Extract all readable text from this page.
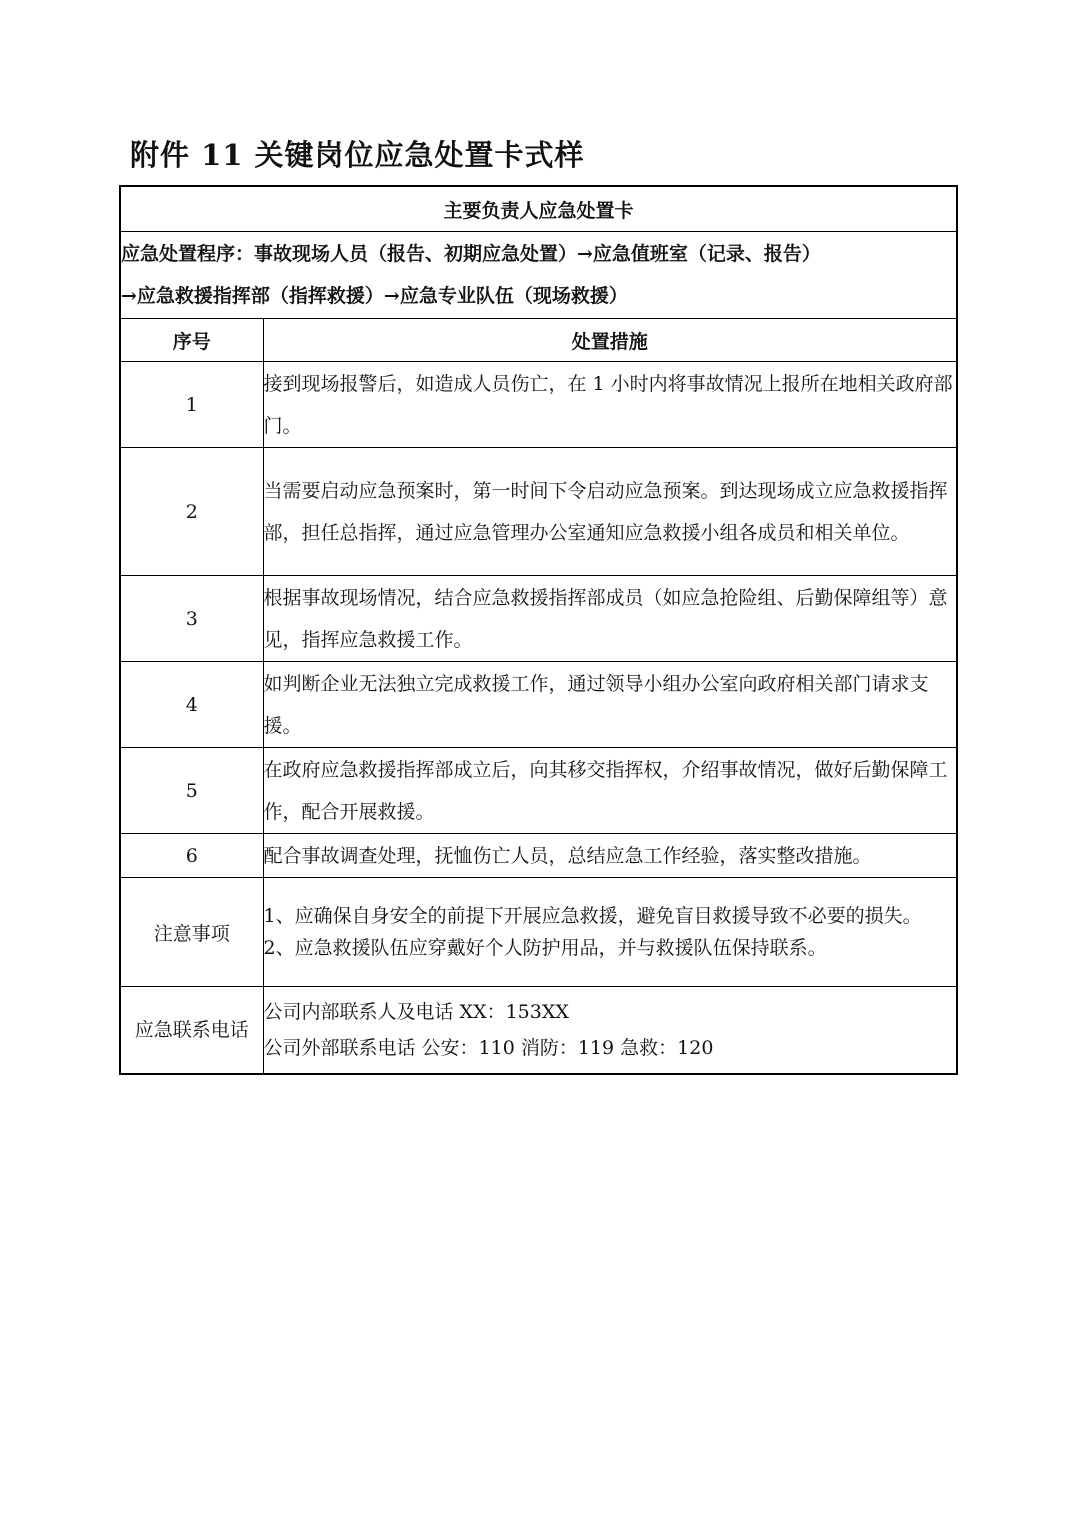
附件 11 关键岗位应急处置卡式样
主要负责人应急处置卡	

应急处置程序：事故现场人员（报告、初期应急处置）→应急值班室（记录、报告）
→应急救援指挥部（指挥救援）→应急专业队伍（现场救援）	

序号	处置措施
1	接到现场报警后，如造成人员伤亡，在 1 小时内将事故情况上报所在地相关政府部门。
2	当需要启动应急预案时，第一时间下令启动应急预案。到达现场成立应急救援指挥部，担任总指挥，通过应急管理办公室通知应急救援小组各成员和相关单位。
3	根据事故现场情况，结合应急救援指挥部成员（如应急抢险组、后勤保障组等）意见，指挥应急救援工作。
4	如判断企业无法独立完成救援工作，通过领导小组办公室向政府相关部门请求支援。
5	在政府应急救援指挥部成立后，向其移交指挥权，介绍事故情况，做好后勤保障工作，配合开展救援。
6	配合事故调查处理，抚恤伤亡人员，总结应急工作经验，落实整改措施。
注意事项	1、应确保自身安全的前提下开展应急救援，避免盲目救援导致不必要的损失。
2、应急救援队伍应穿戴好个人防护用品，并与救援队伍保持联系。

应急联系电话	公司内部联系人及电话 XX：153XX
公司外部联系电话 公安：110 消防：119 急救：120
